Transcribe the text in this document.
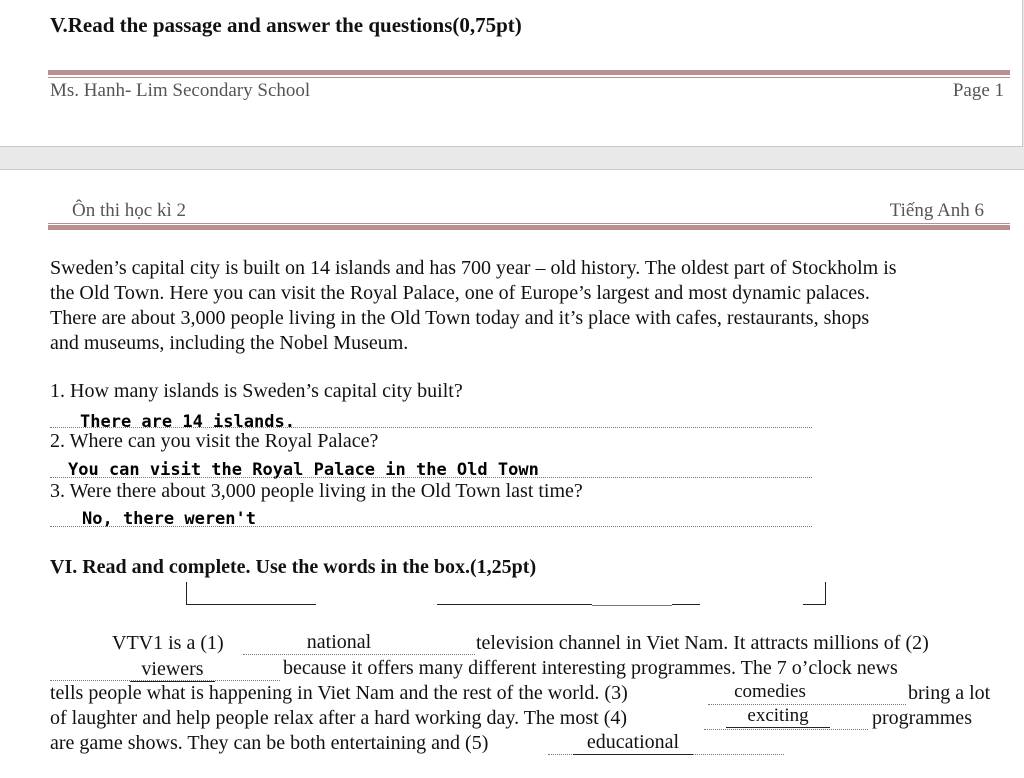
V.Read the passage and answer the questions(0,75pt)
Ms. Hanh- Lim Secondary School	Page 1
Ôn thi học kì 2	Tiếng Anh 6
Sweden’s capital city is built on 14 islands and has 700 year – old history. The oldest part of Stockholm is
the Old Town. Here you can visit the Royal Palace, one of Europe’s largest and most dynamic palaces.
There are about 3,000 people living in the Old Town today and it’s place with cafes, restaurants, shops
and museums, including the Nobel Museum.
1. How many islands is Sweden’s capital city built?
There are 14 islands.
2. Where can you visit the Royal Palace?
You can visit the Royal Palace in the Old Town
3. Were there about 3,000 people living in the Old Town last time?
No, there weren't
VI. Read and complete. Use the words in the box.(1,25pt)
VTV1 is a (1)	national	television channel in Viet Nam. It attracts millions of (2)
viewers	because it offers many different interesting programmes. The 7 o’clock news
tells people what is happening in Viet Nam and the rest of the world. (3)	comedies	bring a lot
of laughter and help people relax after a hard working day. The most (4)	exciting	programmes
are game shows. They can be both entertaining and (5)	educational
